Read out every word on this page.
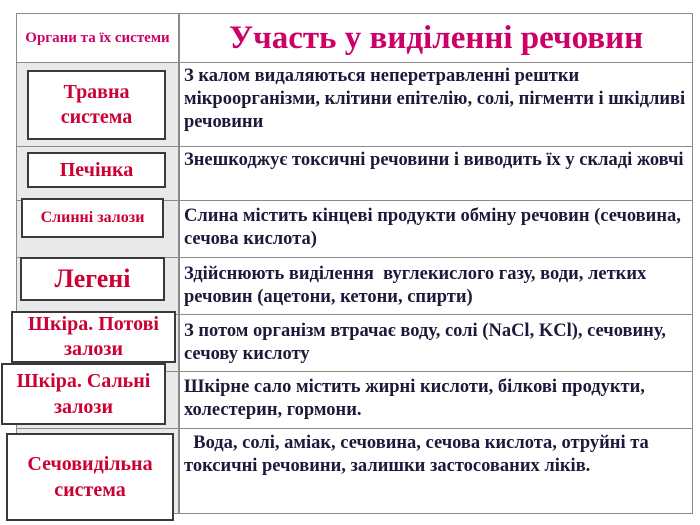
Органи та їх системи	Участь у виділенні речовин
З калом видаляються неперетравленні рештки мікроорганізми, клітини епітелію, солі, пігменти і шкідливі речовини
Знешкоджує токсичні речовини і виводить їх у складі жовчі
Слина містить кінцеві продукти обміну речовин (сечовина, сечова кислота)
Здійснюють виділення  вуглекислого газу, води, летких речовин (ацетони, кетони, спирти)
З потом організм втрачає воду, солі (NaCl, KCl), сечовину, сечову кислоту
Шкірне сало містить жирні кислоти, білкові продукти, холестерин, гормони.
Вода, солі, аміак, сечовина, сечова кислота, отруйні та токсичні речовини, залишки застосованих ліків.
Травна система
Печінка
Слинні залози
Легені
Шкіра. Потові залози
Шкіра. Сальні залози
Сечовидільна система
